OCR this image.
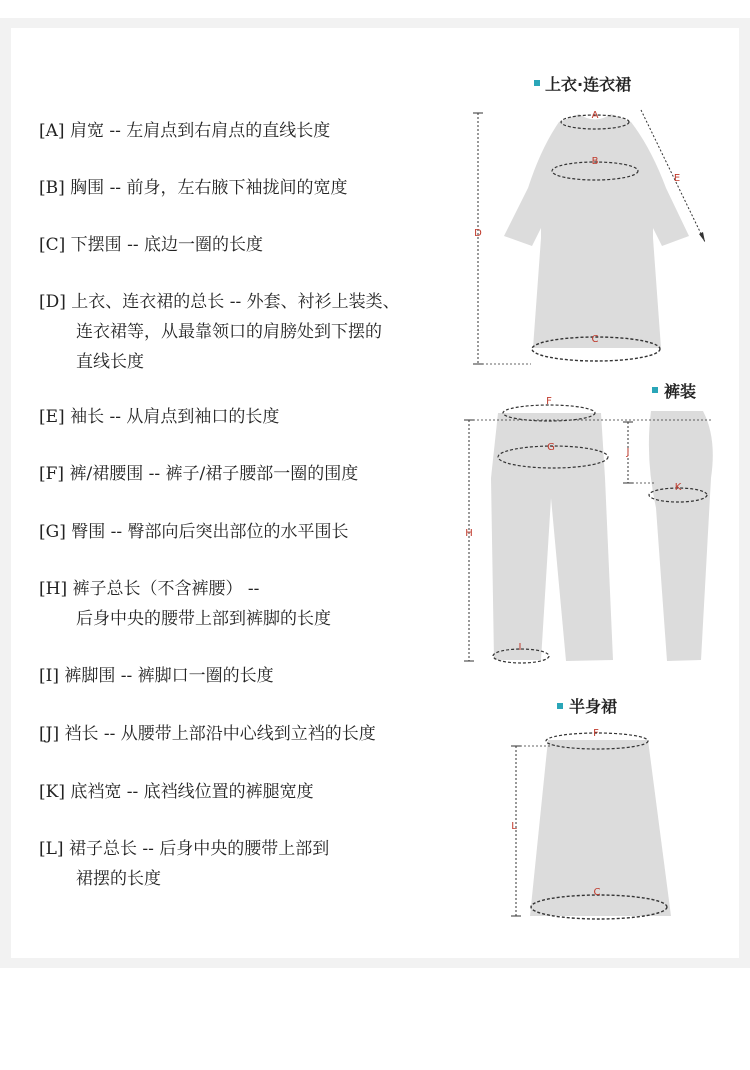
[A] 肩宽 -- 左肩点到右肩点的直线长度
[B] 胸围 -- 前身，左右腋下袖拢间的宽度
[C] 下摆围 -- 底边一圈的长度
[D] 上衣、连衣裙的总长 -- 外套、衬衫上装类、
连衣裙等，从最靠领口的肩膀处到下摆的
直线长度
[E] 袖长 -- 从肩点到袖口的长度
[F] 裤/裙腰围 -- 裤子/裙子腰部一圈的围度
[G] 臀围 -- 臀部向后突出部位的水平围长
[H] 裤子总长（不含裤腰） --
后身中央的腰带上部到裤脚的长度
[I] 裤脚围 -- 裤脚口一圈的长度
[J] 裆长 -- 从腰带上部沿中心线到立裆的长度
[K] 底裆宽 -- 底裆线位置的裤腿宽度
[L] 裙子总长 -- 后身中央的腰带上部到
裙摆的长度
上衣·连衣裙
A
B
C
D
E
裤装
F
G
H
I
J
K
半身裙
F
L
C
